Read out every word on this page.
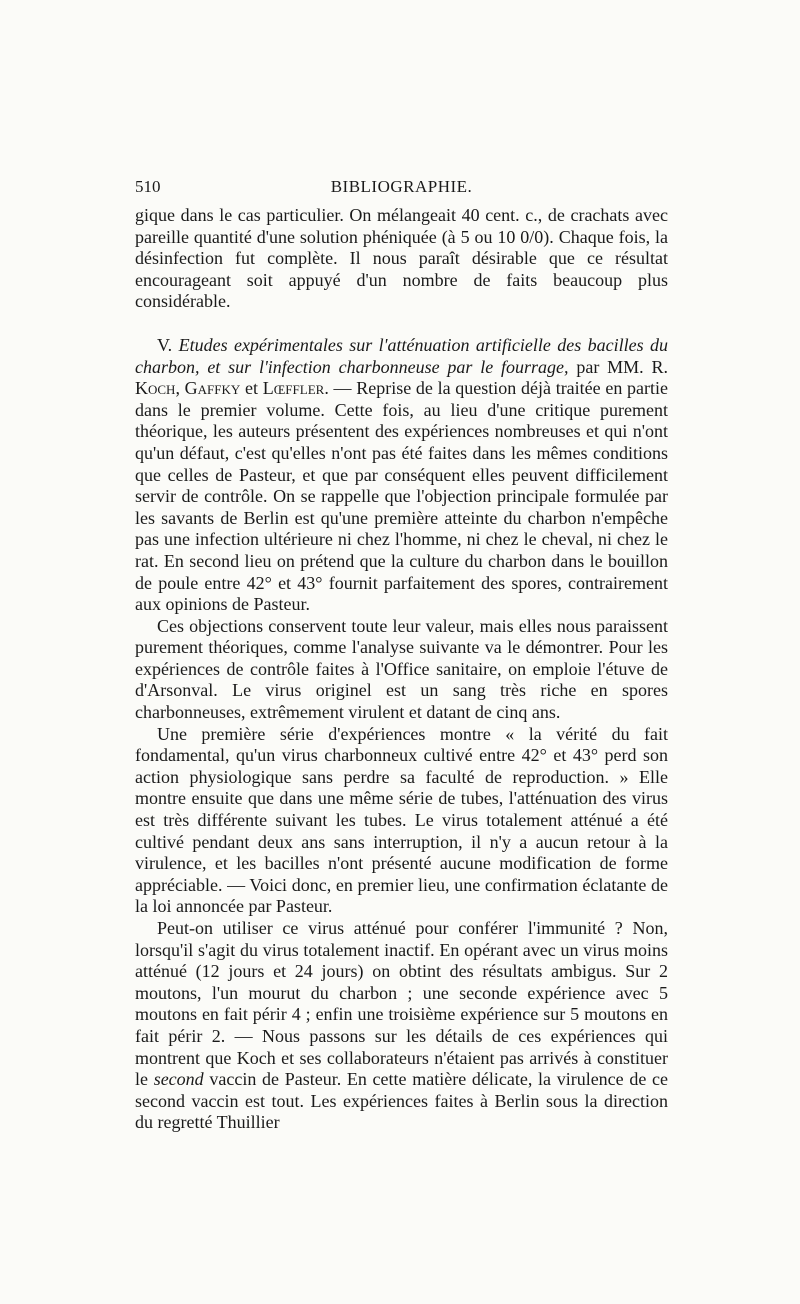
510	BIBLIOGRAPHIE.

gique dans le cas particulier. On mélangeait 40 cent. c., de crachats avec pareille quantité d'une solution phéniquée (à 5 ou 10 0/0). Chaque fois, la désinfection fut complète. Il nous paraît désirable que ce résultat encourageant soit appuyé d'un nombre de faits beaucoup plus considérable.

V. Etudes expérimentales sur l'atténuation artificielle des bacilles du charbon, et sur l'infection charbonneuse par le fourrage, par MM. R. Koch, Gaffky et Lœffler. — Reprise de la question déjà traitée en partie dans le premier volume. Cette fois, au lieu d'une critique purement théorique, les auteurs présentent des expériences nombreuses et qui n'ont qu'un défaut, c'est qu'elles n'ont pas été faites dans les mêmes conditions que celles de Pasteur, et que par conséquent elles peuvent difficilement servir de contrôle. On se rappelle que l'objection principale formulée par les savants de Berlin est qu'une première atteinte du charbon n'empêche pas une infection ultérieure ni chez l'homme, ni chez le cheval, ni chez le rat. En second lieu on prétend que la culture du charbon dans le bouillon de poule entre 42° et 43° fournit parfaitement des spores, contrairement aux opinions de Pasteur.

Ces objections conservent toute leur valeur, mais elles nous paraissent purement théoriques, comme l'analyse suivante va le démontrer. Pour les expériences de contrôle faites à l'Office sanitaire, on emploie l'étuve de d'Arsonval. Le virus originel est un sang très riche en spores charbonneuses, extrêmement virulent et datant de cinq ans.

Une première série d'expériences montre « la vérité du fait fondamental, qu'un virus charbonneux cultivé entre 42° et 43° perd son action physiologique sans perdre sa faculté de reproduction. » Elle montre ensuite que dans une même série de tubes, l'atténuation des virus est très différente suivant les tubes. Le virus totalement atténué a été cultivé pendant deux ans sans interruption, il n'y a aucun retour à la virulence, et les bacilles n'ont présenté aucune modification de forme appréciable. — Voici donc, en premier lieu, une confirmation éclatante de la loi annoncée par Pasteur.

Peut-on utiliser ce virus atténué pour conférer l'immunité ? Non, lorsqu'il s'agit du virus totalement inactif. En opérant avec un virus moins atténué (12 jours et 24 jours) on obtint des résultats ambigus. Sur 2 moutons, l'un mourut du charbon ; une seconde expérience avec 5 moutons en fait périr 4 ; enfin une troisième expérience sur 5 moutons en fait périr 2. — Nous passons sur les détails de ces expériences qui montrent que Koch et ses collaborateurs n'étaient pas arrivés à constituer le second vaccin de Pasteur. En cette matière délicate, la virulence de ce second vaccin est tout. Les expériences faites à Berlin sous la direction du regretté Thuillier
